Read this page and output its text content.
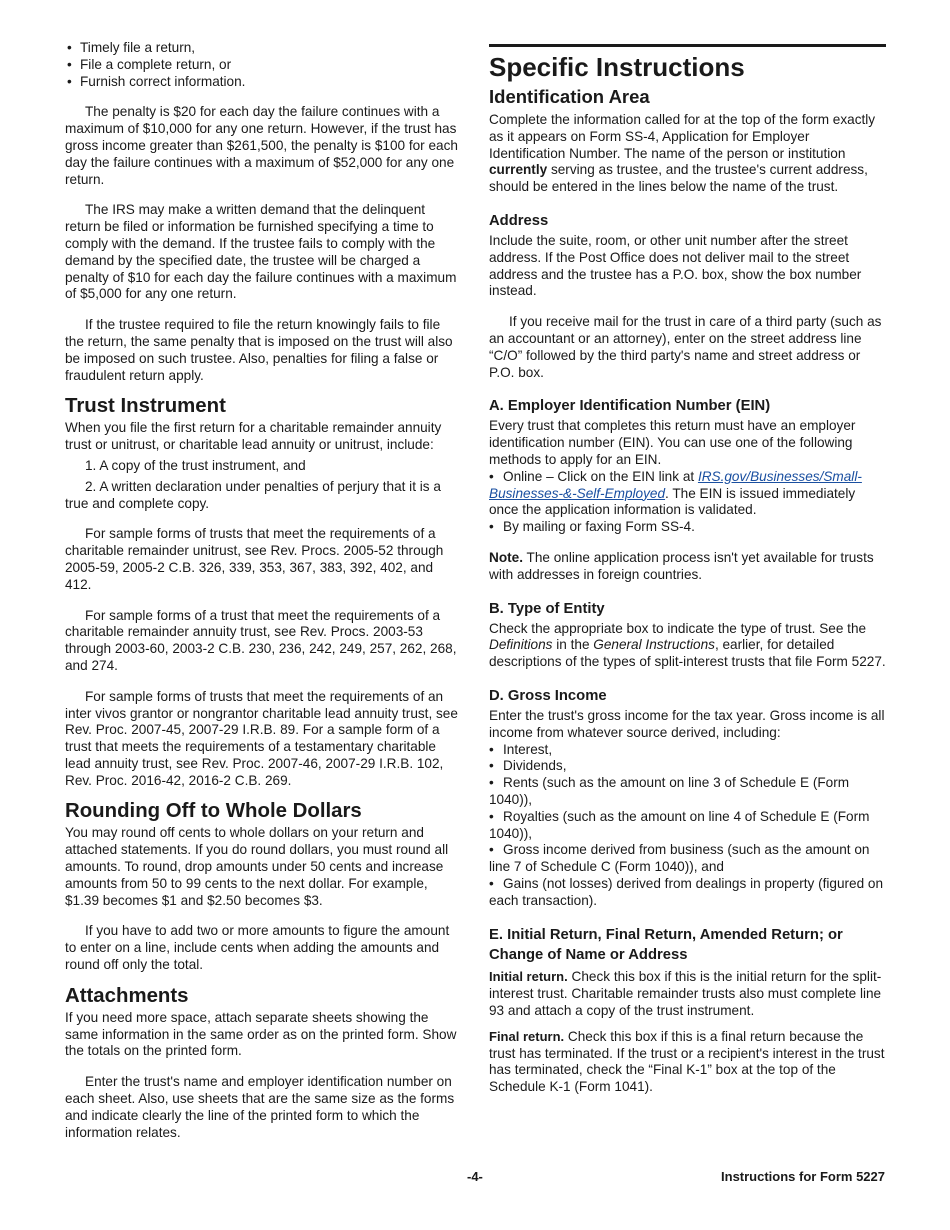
• Timely file a return,
• File a complete return, or
• Furnish correct information.

The penalty is $20 for each day the failure continues with a maximum of $10,000 for any one return. However, if the trust has gross income greater than $261,500, the penalty is $100 for each day the failure continues with a maximum of $52,000 for any one return.

The IRS may make a written demand that the delinquent return be filed or information be furnished specifying a time to comply with the demand. If the trustee fails to comply with the demand by the specified date, the trustee will be charged a penalty of $10 for each day the failure continues with a maximum of $5,000 for any one return.

If the trustee required to file the return knowingly fails to file the return, the same penalty that is imposed on the trust will also be imposed on such trustee. Also, penalties for filing a false or fraudulent return apply.

Trust Instrument

When you file the first return for a charitable remainder annuity trust or unitrust, or charitable lead annuity or unitrust, include:

1. A copy of the trust instrument, and

2. A written declaration under penalties of perjury that it is a true and complete copy.

For sample forms of trusts that meet the requirements of a charitable remainder unitrust, see Rev. Procs. 2005-52 through 2005-59, 2005-2 C.B. 326, 339, 353, 367, 383, 392, 402, and 412.

For sample forms of a trust that meet the requirements of a charitable remainder annuity trust, see Rev. Procs. 2003-53 through 2003-60, 2003-2 C.B. 230, 236, 242, 249, 257, 262, 268, and 274.

For sample forms of trusts that meet the requirements of an inter vivos grantor or nongrantor charitable lead annuity trust, see Rev. Proc. 2007-45, 2007-29 I.R.B. 89. For a sample form of a trust that meets the requirements of a testamentary charitable lead annuity trust, see Rev. Proc. 2007-46, 2007-29 I.R.B. 102, Rev. Proc. 2016-42, 2016-2 C.B. 269.

Rounding Off to Whole Dollars

You may round off cents to whole dollars on your return and attached statements. If you do round dollars, you must round all amounts. To round, drop amounts under 50 cents and increase amounts from 50 to 99 cents to the next dollar. For example, $1.39 becomes $1 and $2.50 becomes $3.

If you have to add two or more amounts to figure the amount to enter on a line, include cents when adding the amounts and round off only the total.

Attachments

If you need more space, attach separate sheets showing the same information in the same order as on the printed form. Show the totals on the printed form.

Enter the trust's name and employer identification number on each sheet. Also, use sheets that are the same size as the forms and indicate clearly the line of the printed form to which the information relates.

Specific Instructions
Identification Area

Complete the information called for at the top of the form exactly as it appears on Form SS-4, Application for Employer Identification Number. The name of the person or institution currently serving as trustee, and the trustee's current address, should be entered in the lines below the name of the trust.

Address

Include the suite, room, or other unit number after the street address. If the Post Office does not deliver mail to the street address and the trustee has a P.O. box, show the box number instead.

If you receive mail for the trust in care of a third party (such as an accountant or an attorney), enter on the street address line “C/O” followed by the third party's name and street address or P.O. box.

A. Employer Identification Number (EIN)

Every trust that completes this return must have an employer identification number (EIN). You can use one of the following methods to apply for an EIN.

• Online – Click on the EIN link at IRS.gov/Businesses/Small-Businesses-&-Self-Employed. The EIN is issued immediately once the application information is validated.
• By mailing or faxing Form SS-4.

Note. The online application process isn't yet available for trusts with addresses in foreign countries.

B. Type of Entity

Check the appropriate box to indicate the type of trust. See the Definitions in the General Instructions, earlier, for detailed descriptions of the types of split-interest trusts that file Form 5227.

D. Gross Income

Enter the trust's gross income for the tax year. Gross income is all income from whatever source derived, including:

• Interest,
• Dividends,
• Rents (such as the amount on line 3 of Schedule E (Form 1040)),
• Royalties (such as the amount on line 4 of Schedule E (Form 1040)),
• Gross income derived from business (such as the amount on line 7 of Schedule C (Form 1040)), and
• Gains (not losses) derived from dealings in property (figured on each transaction).
E. Initial Return, Final Return, Amended Return; or Change of Name or Address

Initial return. Check this box if this is the initial return for the split-interest trust. Charitable remainder trusts also must complete line 93 and attach a copy of the trust instrument.

Final return. Check this box if this is a final return because the trust has terminated. If the trust or a recipient's interest in the trust has terminated, check the “Final K-1” box at the top of the Schedule K-1 (Form 1041).

-4-	Instructions for Form 5227
